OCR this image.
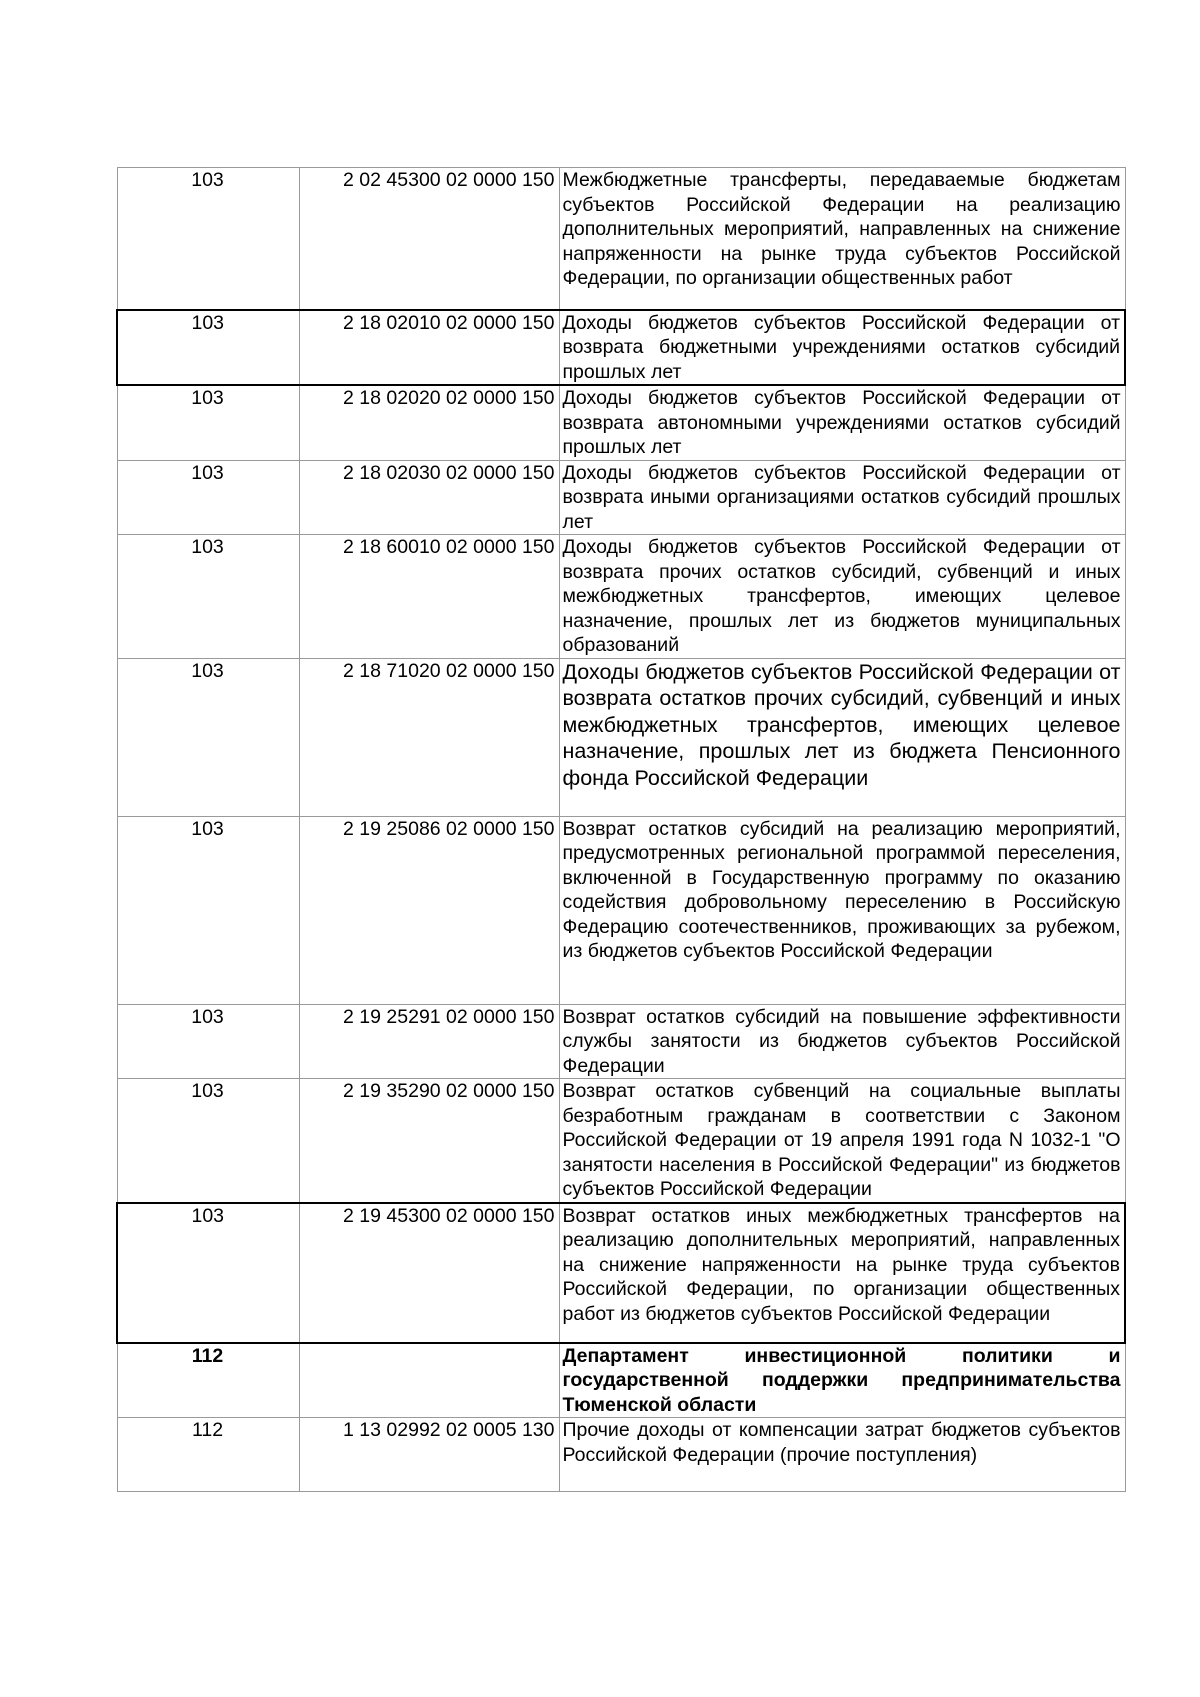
103	2 02 45300 02 0000 150	Межбюджетные трансферты, передаваемые бюджетам субъектов Российской Федерации на реализацию дополнительных мероприятий, направленных на снижение напряженности на рынке труда субъектов Российской Федерации, по организации общественных работ
103	2 18 02010 02 0000 150	Доходы бюджетов субъектов Российской Федерации от возврата бюджетными учреждениями остатков субсидий прошлых лет
103	2 18 02020 02 0000 150	Доходы бюджетов субъектов Российской Федерации от возврата автономными учреждениями остатков субсидий прошлых лет
103	2 18 02030 02 0000 150	Доходы бюджетов субъектов Российской Федерации от возврата иными организациями остатков субсидий прошлых лет
103	2 18 60010 02 0000 150	Доходы бюджетов субъектов Российской Федерации от возврата прочих остатков субсидий, субвенций и иных межбюджетных трансфертов, имеющих целевое назначение, прошлых лет из бюджетов муниципальных образований
103	2 18 71020 02 0000 150	Доходы бюджетов субъектов Российской Федерации от возврата остатков прочих субсидий, субвенций и иных межбюджетных трансфертов, имеющих целевое назначение, прошлых лет из бюджета Пенсионного фонда Российской Федерации
103	2 19 25086 02 0000 150	Возврат остатков субсидий на реализацию мероприятий, предусмотренных региональной программой переселения, включенной в Государственную программу по оказанию содействия добровольному переселению в Российскую Федерацию соотечественников, проживающих за рубежом, из бюджетов субъектов Российской Федерации
103	2 19 25291 02 0000 150	Возврат остатков субсидий на повышение эффективности службы занятости из бюджетов субъектов Российской Федерации
103	2 19 35290 02 0000 150	Возврат остатков субвенций на социальные выплаты безработным гражданам в соответствии с Законом Российской Федерации от 19 апреля 1991 года N 1032-1 "О занятости населения в Российской Федерации" из бюджетов субъектов Российской Федерации
103	2 19 45300 02 0000 150	Возврат остатков иных межбюджетных трансфертов на реализацию дополнительных мероприятий, направленных на снижение напряженности на рынке труда субъектов Российской Федерации, по организации общественных работ из бюджетов субъектов Российской Федерации
112		Департамент инвестиционной политики и государственной поддержки предпринимательства Тюменской области
112	1 13 02992 02 0005 130	Прочие доходы от компенсации затрат бюджетов субъектов Российской Федерации (прочие поступления)
